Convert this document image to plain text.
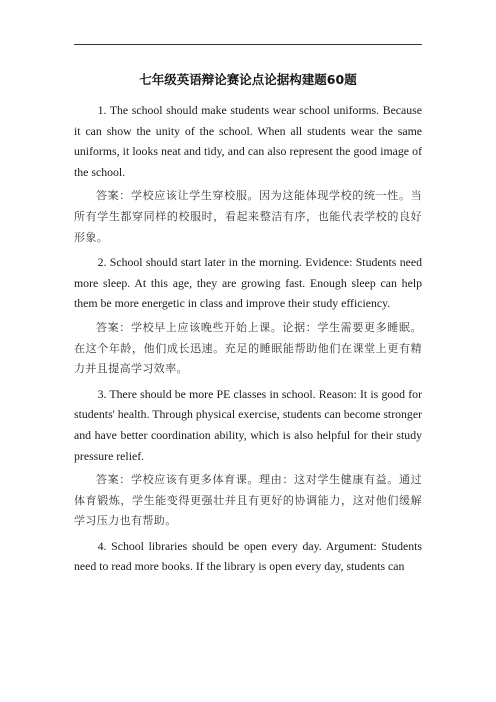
七年级英语辩论赛论点论据构建题60题

1. The school should make students wear school uniforms. Because it can show the unity of the school. When all students wear the same uniforms, it looks neat and tidy, and can also represent the good image of the school.

答案：学校应该让学生穿校服。因为这能体现学校的统一性。当所有学生都穿同样的校服时，看起来整洁有序，也能代表学校的良好形象。

2. School should start later in the morning. Evidence: Students need more sleep. At this age, they are growing fast. Enough sleep can help them be more energetic in class and improve their study efficiency.

答案：学校早上应该晚些开始上课。论据：学生需要更多睡眠。在这个年龄，他们成长迅速。充足的睡眠能帮助他们在课堂上更有精力并且提高学习效率。

3. There should be more PE classes in school. Reason: It is good for students' health. Through physical exercise, students can become stronger and have better coordination ability, which is also helpful for their study pressure relief.

答案：学校应该有更多体育课。理由：这对学生健康有益。通过体育锻炼，学生能变得更强壮并且有更好的协调能力，这对他们缓解学习压力也有帮助。

4. School libraries should be open every day. Argument: Students need to read more books. If the library is open every day, students can
